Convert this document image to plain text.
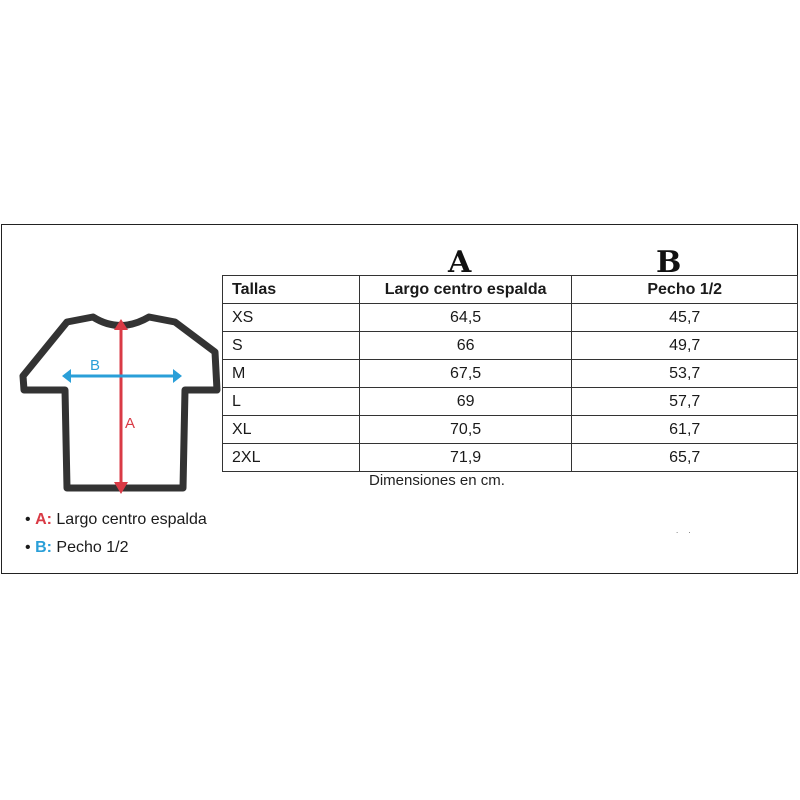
A
B
A	B
Tallas	Largo centro espalda	Pecho 1/2
XS	64,5	45,7
S	66	49,7
M	67,5	53,7
L	69	57,7
XL	70,5	61,7
2XL	71,9	65,7
Dimensiones en cm.
• A: Largo centro espalda
• B: Pecho 1/2
. .
